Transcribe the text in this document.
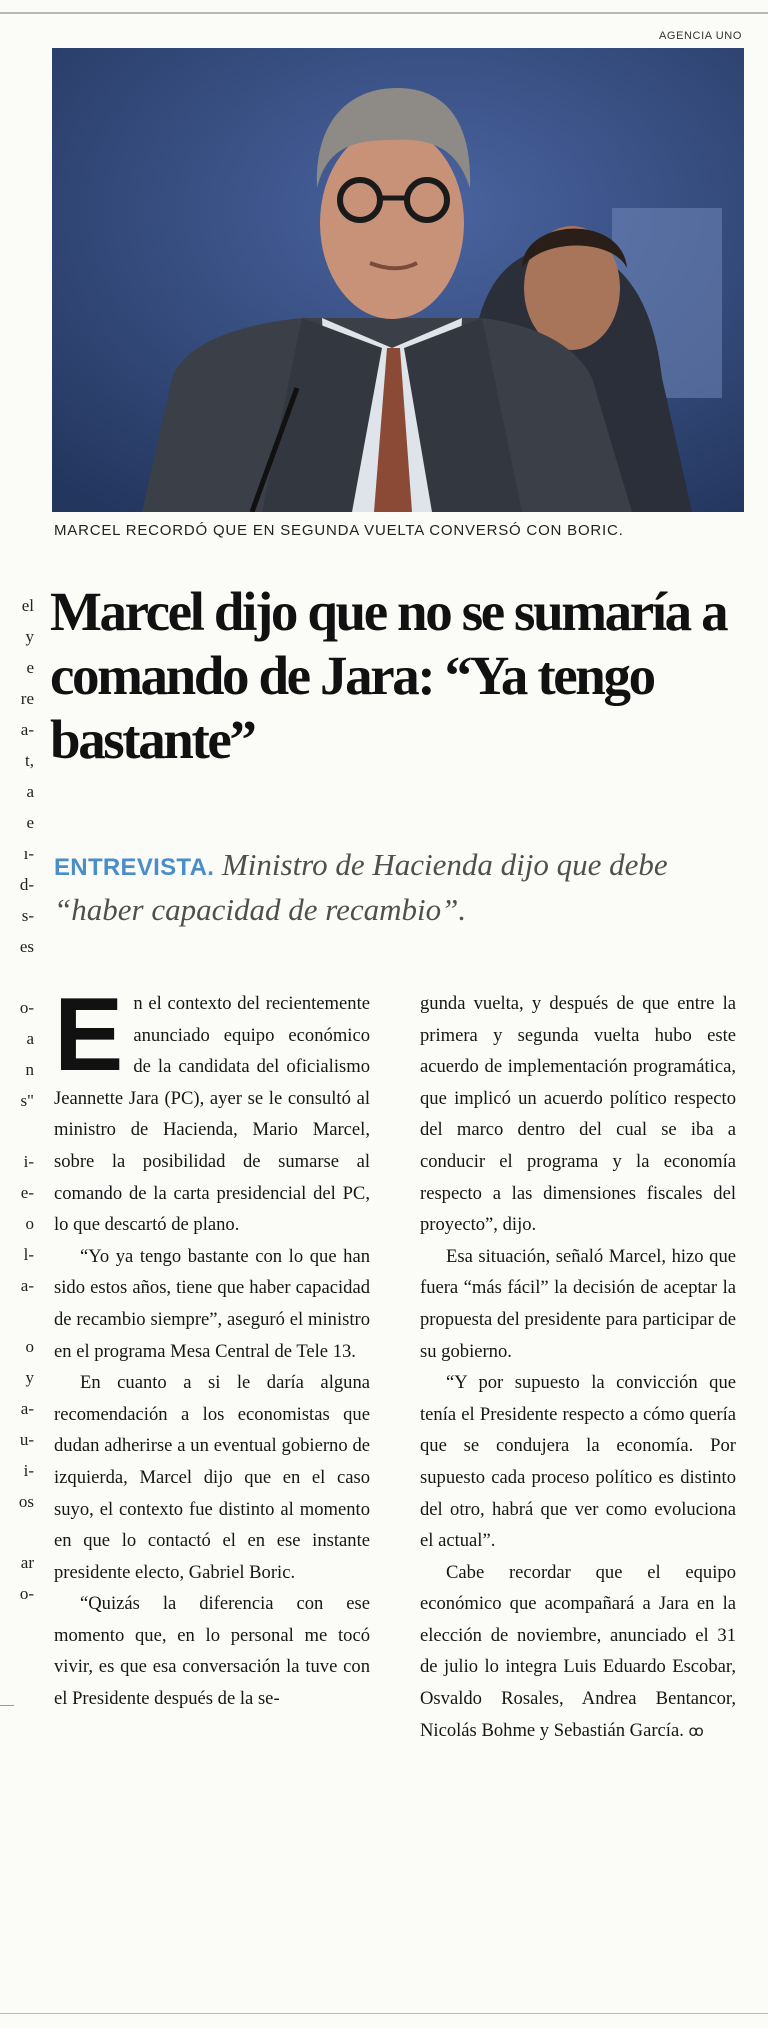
el
y
e
re
a-
t,
a
e
ı-
d-
s-
es
o-
a
n
s"
i-
e-
o
l-
a-
o
y
a-
u-
i-
os
ar
o-
AGENCIA UNO
MARCEL RECORDÓ QUE EN SEGUNDA VUELTA CONVERSÓ CON BORIC.
Marcel dijo que no se sumaría a comando de Jara: “Ya tengo bastante”

ENTREVISTA. Ministro de Hacienda dijo que debe “haber capacidad de recambio”.

En el contexto del recientemente anunciado equipo económico de la candidata del oficialismo Jeannette Jara (PC), ayer se le consultó al ministro de Hacienda, Mario Marcel, sobre la posibilidad de sumarse al comando de la carta presidencial del PC, lo que descartó de plano.

“Yo ya tengo bastante con lo que han sido estos años, tiene que haber capacidad de recambio siempre”, aseguró el ministro en el programa Mesa Central de Tele 13.

En cuanto a si le daría alguna recomendación a los economistas que dudan adherirse a un eventual gobierno de izquierda, Marcel dijo que en el caso suyo, el contexto fue distinto al momento en que lo contactó el en ese instante presidente electo, Gabriel Boric.

“Quizás la diferencia con ese momento que, en lo personal me tocó vivir, es que esa conversación la tuve con el Presidente después de la se-

gunda vuelta, y después de que entre la primera y segunda vuelta hubo este acuerdo de implementación programática, que implicó un acuerdo político respecto del marco dentro del cual se iba a conducir el programa y la economía respecto a las dimensiones fiscales del proyecto”, dijo.

Esa situación, señaló Marcel, hizo que fuera “más fácil” la decisión de aceptar la propuesta del presidente para participar de su gobierno.

“Y por supuesto la convicción que tenía el Presidente respecto a cómo quería que se condujera la economía. Por supuesto cada proceso político es distinto del otro, habrá que ver como evoluciona el actual”.

Cabe recordar que el equipo económico que acompañará a Jara en la elección de noviembre, anunciado el 31 de julio lo integra Luis Eduardo Escobar, Osvaldo Rosales, Andrea Bentancor, Nicolás Bohme y Sebastián García. ꝏ
